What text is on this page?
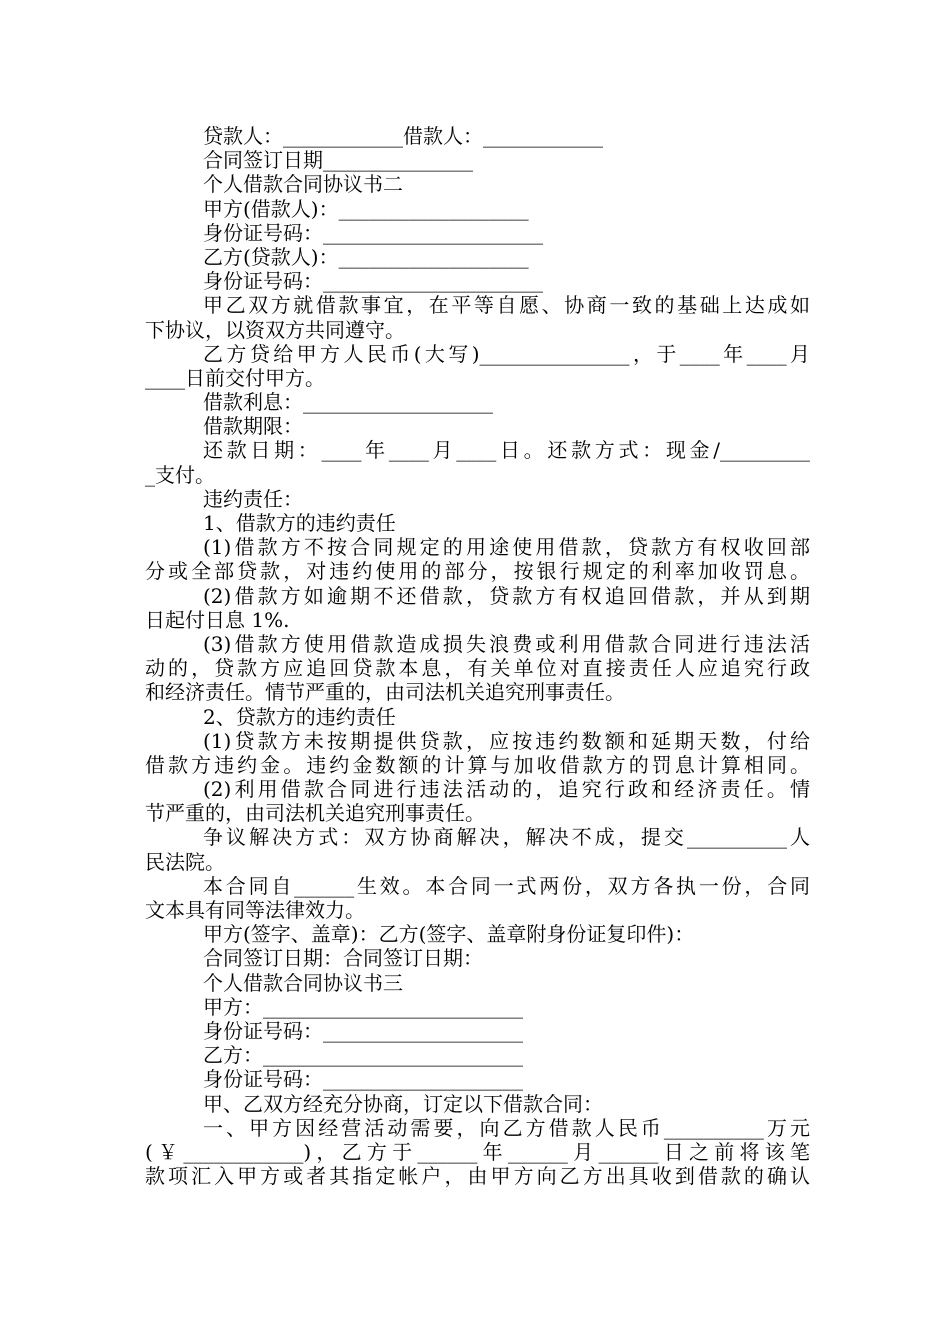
贷款人：____________借款人：____________
合同签订日期_______________
个人借款合同协议书二
甲方(借款人)：___________________
身份证号码：______________________
乙方(贷款人)：___________________
身份证号码：______________________
甲乙双方就借款事宜，在平等自愿、协商一致的基础上达成如
下协议，以资双方共同遵守。
乙方贷给甲方人民币(大写)_______________，于____年____月
____日前交付甲方。
借款利息：___________________
借款期限：
还款日期：____年____月____日。还款方式：现金/_________
_支付。
违约责任：
1、借款方的违约责任
(1)借款方不按合同规定的用途使用借款，贷款方有权收回部
分或全部贷款，对违约使用的部分，按银行规定的利率加收罚息。
(2)借款方如逾期不还借款，贷款方有权追回借款，并从到期
日起付日息 1%.
(3)借款方使用借款造成损失浪费或利用借款合同进行违法活
动的，贷款方应追回贷款本息，有关单位对直接责任人应追究行政
和经济责任。情节严重的，由司法机关追究刑事责任。
2、贷款方的违约责任
(1)贷款方未按期提供贷款，应按违约数额和延期天数，付给
借款方违约金。违约金数额的计算与加收借款方的罚息计算相同。
(2)利用借款合同进行违法活动的，追究行政和经济责任。情
节严重的，由司法机关追究刑事责任。
争议解决方式：双方协商解决，解决不成，提交__________人
民法院。
本合同自______生效。本合同一式两份，双方各执一份，合同
文本具有同等法律效力。
甲方(签字、盖章)：乙方(签字、盖章附身份证复印件)：
合同签订日期：合同签订日期：
个人借款合同协议书三
甲方：__________________________
身份证号码：____________________
乙方：__________________________
身份证号码：____________________
甲、乙双方经充分协商，订定以下借款合同：
一、甲方因经营活动需要，向乙方借款人民币__________万元
(￥____________)，乙方于______年______月______日之前将该笔
款项汇入甲方或者其指定帐户，由甲方向乙方出具收到借款的确认
